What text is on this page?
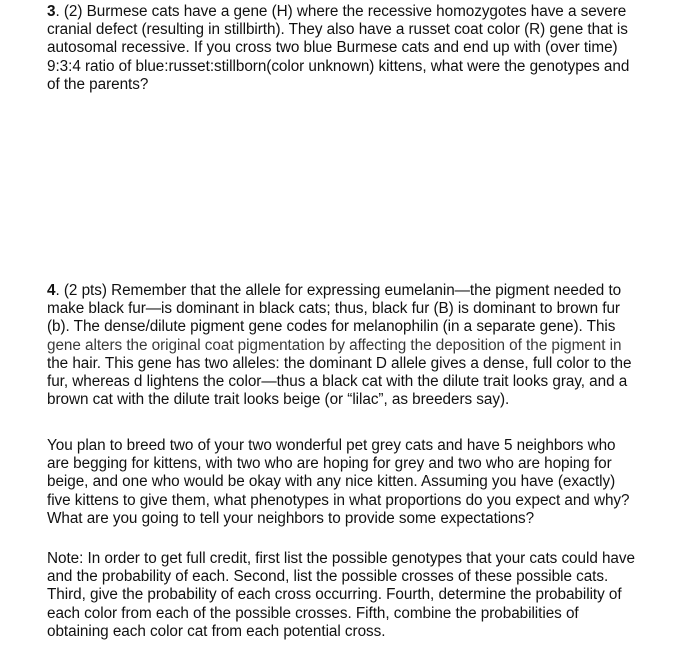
3. (2) Burmese cats have a gene (H) where the recessive homozygotes have a severe
cranial defect (resulting in stillbirth). They also have a russet coat color (R) gene that is
autosomal recessive. If you cross two blue Burmese cats and end up with (over time)
9:3:4 ratio of blue:russet:stillborn(color unknown) kittens, what were the genotypes and
of the parents?

4. (2 pts) Remember that the allele for expressing eumelanin—the pigment needed to
make black fur—is dominant in black cats; thus, black fur (B) is dominant to brown fur
(b). The dense/dilute pigment gene codes for melanophilin (in a separate gene). This
gene alters the original coat pigmentation by affecting the deposition of the pigment in
the hair. This gene has two alleles: the dominant D allele gives a dense, full color to the
fur, whereas d lightens the color—thus a black cat with the dilute trait looks gray, and a
brown cat with the dilute trait looks beige (or “lilac”, as breeders say).

You plan to breed two of your two wonderful pet grey cats and have 5 neighbors who
are begging for kittens, with two who are hoping for grey and two who are hoping for
beige, and one who would be okay with any nice kitten. Assuming you have (exactly)
five kittens to give them, what phenotypes in what proportions do you expect and why?
What are you going to tell your neighbors to provide some expectations?

Note: In order to get full credit, first list the possible genotypes that your cats could have
and the probability of each. Second, list the possible crosses of these possible cats.
Third, give the probability of each cross occurring. Fourth, determine the probability of
each color from each of the possible crosses. Fifth, combine the probabilities of
obtaining each color cat from each potential cross.
